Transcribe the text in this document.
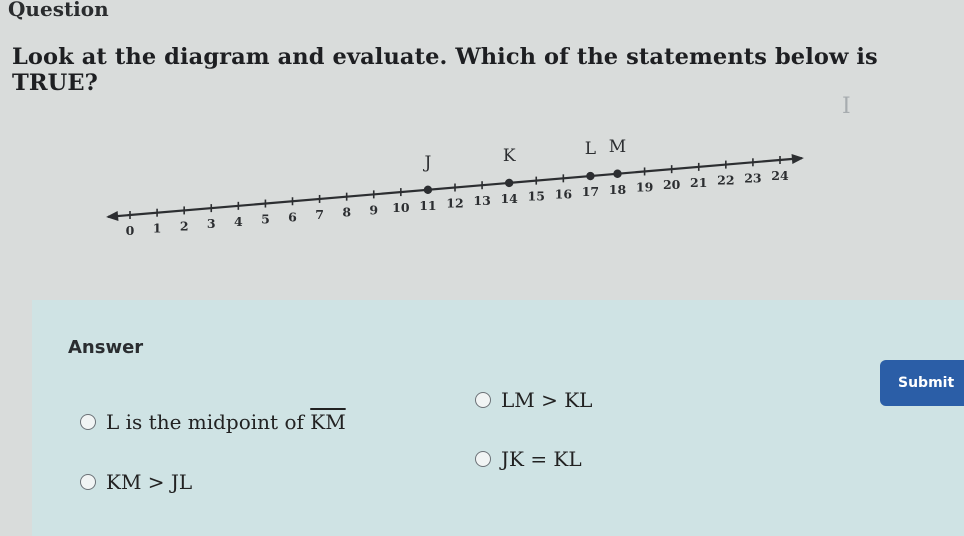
Question
Look at the diagram and evaluate. Which of the statements below is TRUE?
I
0 1 2 3 4 5 6 7 8 9 10 11 12 13 14 15 16 17 18 19 20 21 22 23 24
J	K	L M
Answer
L is the midpoint of $\overline{KM}$
LM > KL
KM > JL
JK = KL
Submit
